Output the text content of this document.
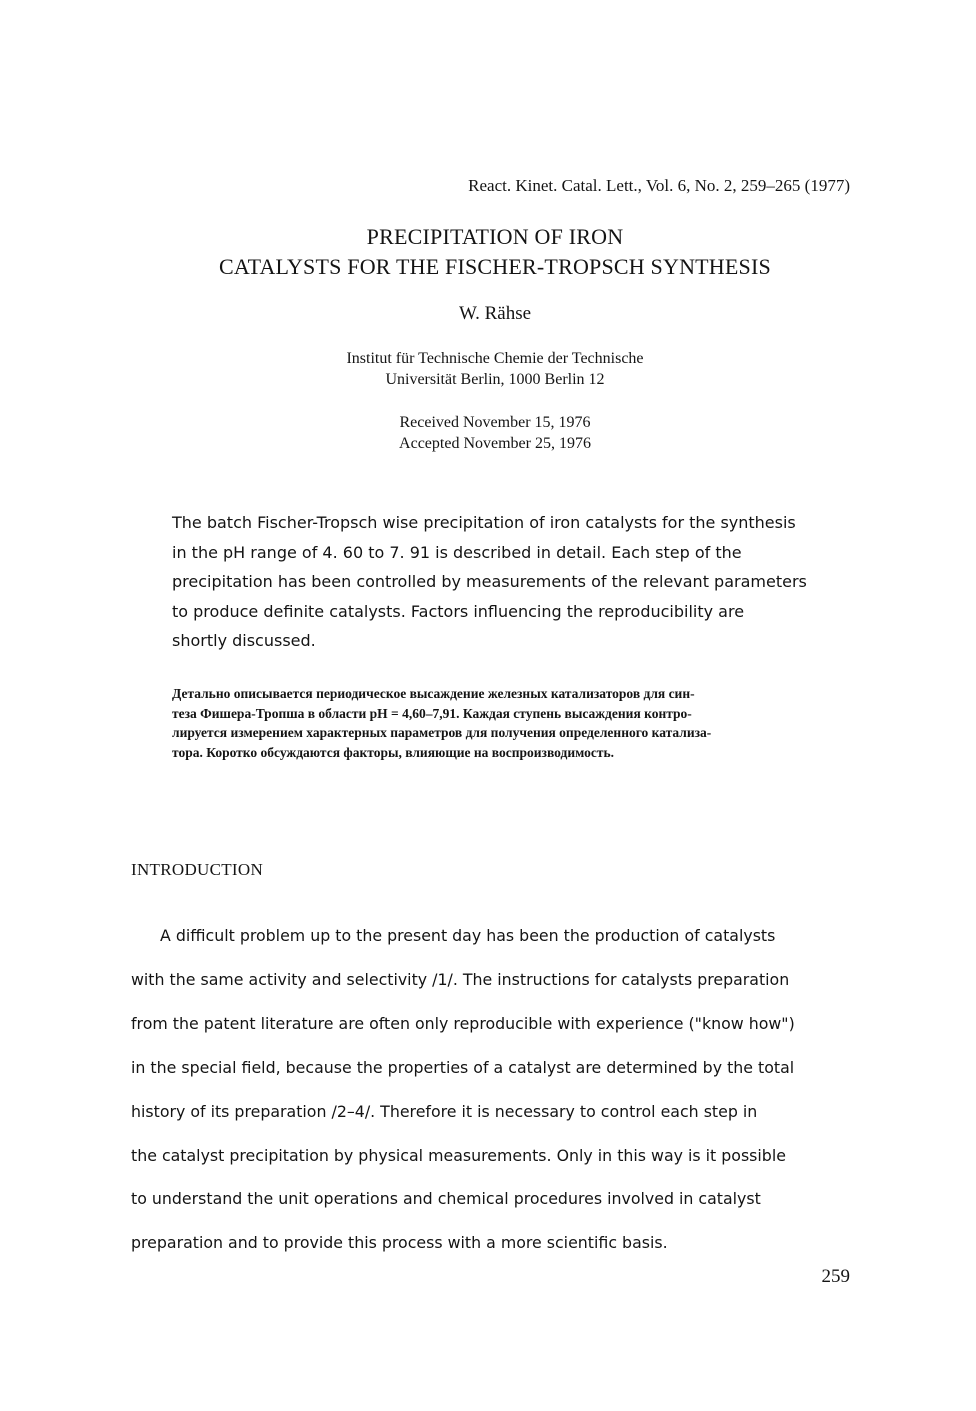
React. Kinet. Catal. Lett., Vol. 6, No. 2, 259–265 (1977)
PRECIPITATION OF IRON
CATALYSTS FOR THE FISCHER-TROPSCH SYNTHESIS
W. Rähse
Institut für Technische Chemie der Technische
Universität Berlin, 1000 Berlin 12
Received November 15, 1976
Accepted November 25, 1976
The batch Fischer-Tropsch wise precipitation of iron catalysts for the synthesis
in the pH range of 4. 60 to 7. 91 is described in detail. Each step of the
precipitation has been controlled by measurements of the relevant parameters
to produce definite catalysts. Factors influencing the reproducibility are
shortly discussed.
Детально описывается периодическое высаждение железных катализаторов для син-
теза Фишера-Тропша в области pH = 4,60–7,91. Каждая ступень высаждения контро-
лируется измерением характерных параметров для получения определенного катализа-
тора. Коротко обсуждаются факторы, влияющие на воспроизводимость.
INTRODUCTION
A difficult problem up to the present day has been the production of catalysts
with the same activity and selectivity /1/. The instructions for catalysts preparation
from the patent literature are often only reproducible with experience ("know how")
in the special field, because the properties of a catalyst are determined by the total
history of its preparation /2–4/. Therefore it is necessary to control each step in
the catalyst precipitation by physical measurements. Only in this way is it possible
to understand the unit operations and chemical procedures involved in catalyst
preparation and to provide this process with a more scientific basis.
259
